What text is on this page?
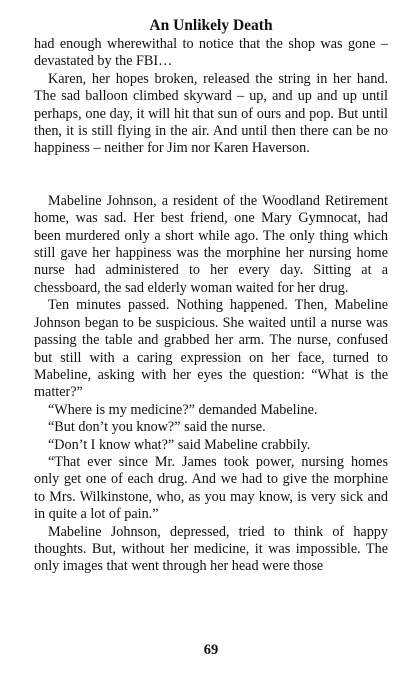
An Unlikely Death

had enough wherewithal to notice that the shop was gone – devastated by the FBI…

Karen, her hopes broken, released the string in her hand. The sad balloon climbed skyward – up, and up and up until perhaps, one day, it will hit that sun of ours and pop. But until then, it is still flying in the air. And until then there can be no happiness – neither for Jim nor Karen Haverson.

Mabeline Johnson, a resident of the Woodland Retirement home, was sad. Her best friend, one Mary Gymnocat, had been murdered only a short while ago. The only thing which still gave her happiness was the morphine her nursing home nurse had administered to her every day. Sitting at a chessboard, the sad elderly woman waited for her drug.

Ten minutes passed. Nothing happened. Then, Mabeline Johnson began to be suspicious. She waited until a nurse was passing the table and grabbed her arm. The nurse, confused but still with a caring expression on her face, turned to Mabeline, asking with her eyes the question: “What is the matter?”

“Where is my medicine?” demanded Mabeline.

“But don’t you know?” said the nurse.

“Don’t I know what?” said Mabeline crabbily.

“That ever since Mr. James took power, nursing homes only get one of each drug. And we had to give the morphine to Mrs. Wilkinstone, who, as you may know, is very sick and in quite a lot of pain.”

Mabeline Johnson, depressed, tried to think of happy thoughts. But, without her medicine, it was impossible. The only images that went through her head were those

69
